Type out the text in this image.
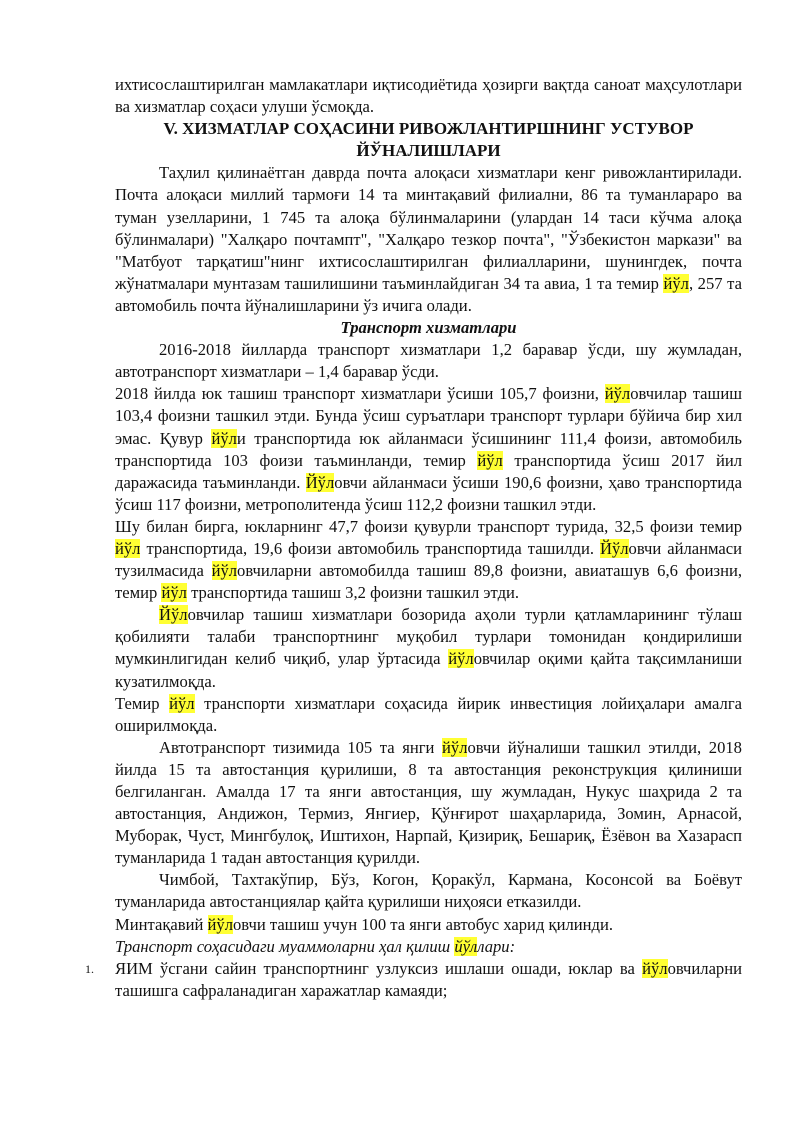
ихтисослаштирилган мамлакатлари иқтисодиётида ҳозирги вақтда саноат маҳсулотлари ва хизматлар соҳаси улуши ўсмоқда.

V. ХИЗМАТЛАР СОҲАСИНИ РИВОЖЛАНТИРШНИНГ УСТУВОР ЙЎНАЛИШЛАРИ

Таҳлил қилинаётган даврда почта алоқаси хизматлари кенг ривожлантирилади. Почта алоқаси миллий тармоғи 14 та минтақавий филиални, 86 та туманлараро ва туман узелларини, 1 745 та алоқа бўлинмаларини (улардан 14 таси кўчма алоқа бўлинмалари) "Халқаро почтампт", "Халқаро тезкор почта", "Ўзбекистон маркази" ва "Матбуот тарқатиш"нинг ихтисослаштирилган филиалларини, шунингдек, почта жўнатмалари мунтазам ташилишини таъминлайдиган 34 та авиа, 1 та темир йўл, 257 та автомобиль почта йўналишларини ўз ичига олади.

Транспорт хизматлари

2016-2018 йилларда транспорт хизматлари 1,2 баравар ўсди, шу жумладан, автотранспорт хизматлари – 1,4 баравар ўсди.

2018 йилда юк ташиш транспорт хизматлари ўсиши 105,7 фоизни, йўловчилар ташиш 103,4 фоизни ташкил этди. Бунда ўсиш суръатлари транспорт турлари бўйича бир хил эмас. Қувур йўли транспортида юк айланмаси ўсишининг 111,4 фоизи, автомобиль транспортида 103 фоизи таъминланди, темир йўл транспортида ўсиш 2017 йил даражасида таъминланди. Йўловчи айланмаси ўсиши 190,6 фоизни, ҳаво транспортида ўсиш 117 фоизни, метрополитенда ўсиш 112,2 фоизни ташкил этди.

Шу билан бирга, юкларнинг 47,7 фоизи қувурли транспорт турида, 32,5 фоизи темир йўл транспортида, 19,6 фоизи автомобиль транспортида ташилди. Йўловчи айланмаси тузилмасида йўловчиларни автомобилда ташиш 89,8 фоизни, авиаташув 6,6 фоизни, темир йўл транспортида ташиш 3,2 фоизни ташкил этди.

Йўловчилар ташиш хизматлари бозорида аҳоли турли қатламларининг тўлаш қобилияти талаби транспортнинг муқобил турлари томонидан қондирилиши мумкинлигидан келиб чиқиб, улар ўртасида йўловчилар оқими қайта тақсимланиши кузатилмоқда.

Темир йўл транспорти хизматлари соҳасида йирик инвестиция лойиҳалари амалга оширилмоқда.

Автотранспорт тизимида 105 та янги йўловчи йўналиши ташкил этилди, 2018 йилда 15 та автостанция қурилиши, 8 та автостанция реконструкция қилиниши белгиланган. Амалда 17 та янги автостанция, шу жумладан, Нукус шаҳрида 2 та автостанция, Андижон, Термиз, Янгиер, Қўнғирот шаҳарларида, Зомин, Арнасой, Муборак, Чуст, Мингбулоқ, Иштихон, Нарпай, Қизириқ, Бешариқ, Ёзёвон ва Хазарасп туманларида 1 тадан автостанция қурилди.

Чимбой, Тахтакўпир, Бўз, Когон, Қоракўл, Кармана, Косонсой ва Боёвут туманларида автостанциялар қайта қурилиши ниҳояси етказилди.

Минтақавий йўловчи ташиш учун 100 та янги автобус харид қилинди.

Транспорт соҳасидаги муаммоларни ҳал қилиш йўллари:

1. ЯИМ ўсгани сайин транспортнинг узлуксиз ишлаши ошади, юклар ва йўловчиларни ташишга сафраланадиган харажатлар камаяди;
